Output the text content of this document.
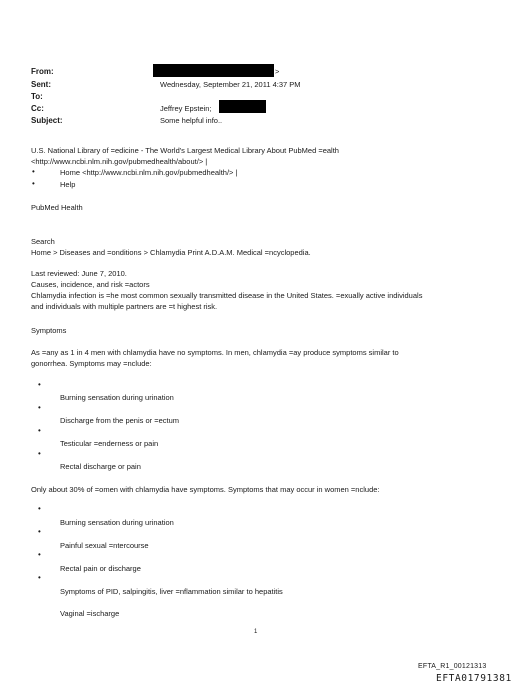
From:
Sent:
To:
Cc:
Subject:
>
Wednesday, September 21, 2011 4:37 PM
Jeffrey Epstein;
Some helpful info..
U.S. National Library of =edicine - The World's Largest Medical Library About PubMed =ealth
<http://www.ncbi.nlm.nih.gov/pubmedhealth/about/> |
•	Home <http://www.ncbi.nlm.nih.gov/pubmedhealth/> |
•	Help
PubMed Health
Search
Home > Diseases and =onditions > Chlamydia Print A.D.A.M. Medical =ncyclopedia.
Last reviewed: June 7, 2010.
Causes, incidence, and risk =actors
Chlamydia infection is =he most common sexually transmitted disease in the United States. =exually active individuals
and individuals with multiple partners are =t highest risk.
Symptoms
As =any as 1 in 4 men with chlamydia have no symptoms. In men, chlamydia =ay produce symptoms similar to
gonorrhea. Symptoms may =nclude:
•
Burning sensation during urination
•
Discharge from the penis or =ectum
•
Testicular =enderness or pain
•
Rectal discharge or pain
Only about 30% of =omen with chlamydia have symptoms. Symptoms that may occur in women =nclude:
•
Burning sensation during urination
•
Painful sexual =ntercourse
•
Rectal pain or discharge
•
Symptoms of PID, salpingitis, liver =nflammation similar to hepatitis
Vaginal =ischarge
1
EFTA_R1_00121313
EFTA01791381
